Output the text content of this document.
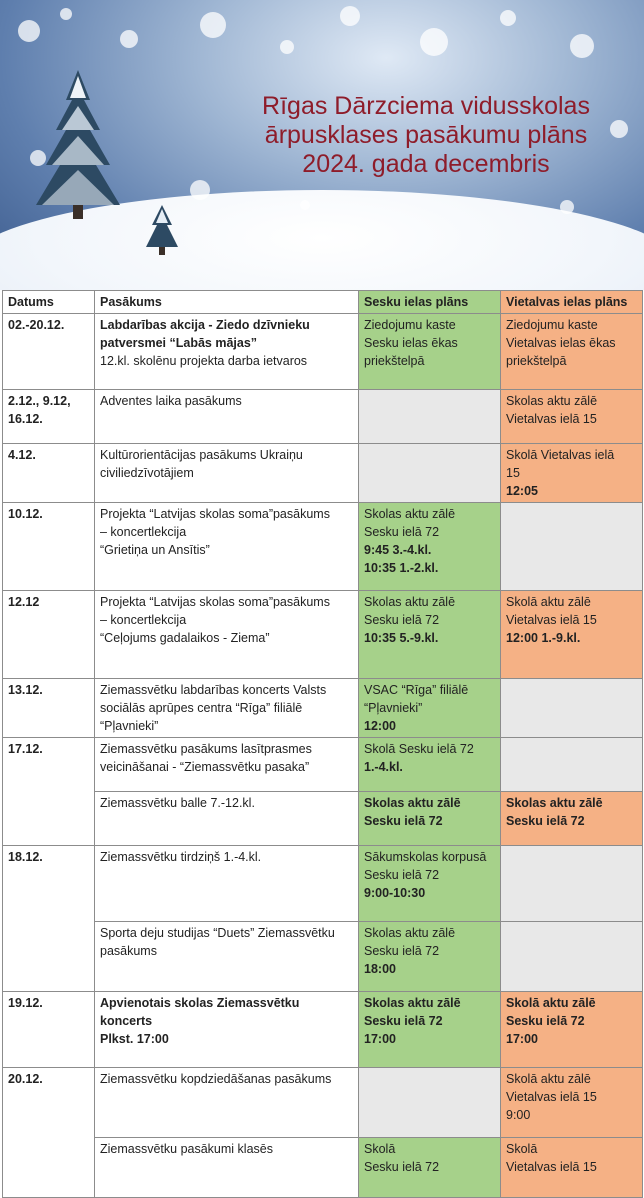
Rīgas Dārzciema vidusskolas
ārpusklases pasākumu plāns
2024. gada decembris
Datums	Pasākums	Sesku ielas plāns	Vietalvas ielas plāns
02.-20.12.	Labdarības akcija - Ziedo dzīvnieku
patversmei “Labās mājas”
12.kl. skolēnu projekta darba ietvaros	Ziedojumu kaste
Sesku ielas ēkas
priekštelpā	Ziedojumu kaste
Vietalvas ielas ēkas
priekštelpā

2.12., 9.12, 16.12.	Adventes laika pasākums		Skolas aktu zālē
Vietalvas ielā 15

4.12.	Kultūrorientācijas pasākums Ukraiņu
civiliedzīvotājiem		Skolā Vietalvas ielā
15
12:05

10.12.	Projekta “Latvijas skolas soma”pasākums
– koncertlekcija
“Grietiņa un Ansītis”	Skolas aktu zālē
Sesku ielā 72
9:45 3.-4.kl.
10:35 1.-2.kl.	

12.12	Projekta “Latvijas skolas soma”pasākums
– koncertlekcija
“Ceļojums gadalaikos - Ziema”	Skolas aktu zālē
Sesku ielā 72
10:35 5.-9.kl.	Skolā aktu zālē
Vietalvas ielā 15
12:00 1.-9.kl.

13.12.	Ziemassvētku labdarības koncerts Valsts
sociālās aprūpes centra “Rīga” filiālē
“Pļavnieki”	VSAC “Rīga” filiālē
“Pļavnieki”
12:00	

17.12.	Ziemassvētku pasākums lasītprasmes
veicināšanai - “Ziemassvētku pasaka”	Skolā Sesku ielā 72
1.-4.kl.	

	Ziemassvētku balle 7.-12.kl.	Skolas aktu zālē
Sesku ielā 72	Skolas aktu zālē
Sesku ielā 72

18.12.	Ziemassvētku tirdziņš 1.-4.kl.	Sākumskolas korpusā
Sesku ielā 72
9:00-10:30	

	Sporta deju studijas “Duets” Ziemassvētku
pasākums	Skolas aktu zālē
Sesku ielā 72
18:00	

19.12.	Apvienotais skolas Ziemassvētku
koncerts
Plkst. 17:00	Skolas aktu zālē
Sesku ielā 72
17:00	Skolā aktu zālē
Sesku ielā 72
17:00

20.12.	Ziemassvētku kopdziedāšanas pasākums		Skolā aktu zālē
Vietalvas ielā 15
9:00

	Ziemassvētku pasākumi klasēs	Skolā
Sesku ielā 72	Skolā
Vietalvas ielā 15
